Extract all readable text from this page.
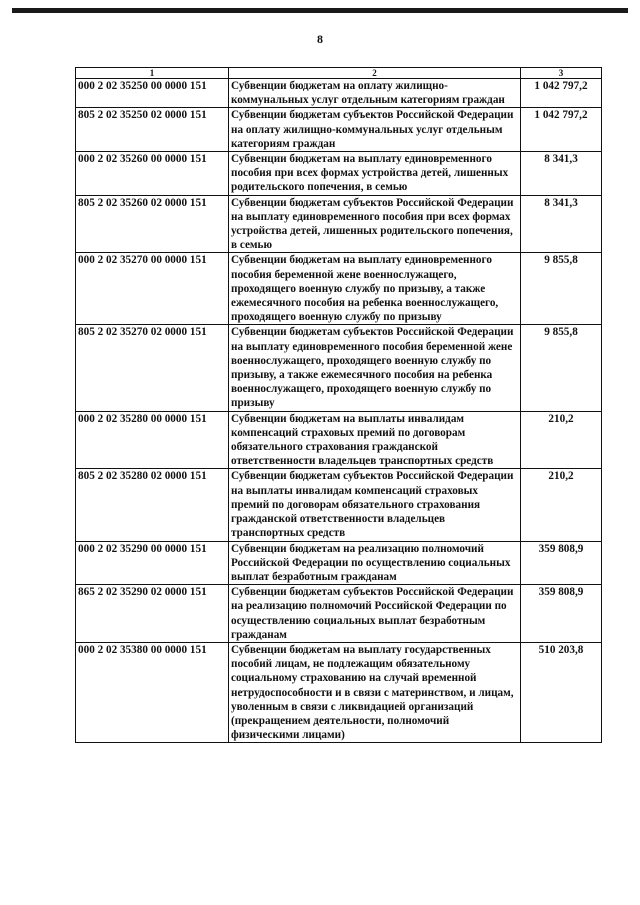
8
1	2	3
000 2 02 35250 00 0000 151	Субвенции бюджетам на оплату жилищно-коммунальных услуг отдельным категориям граждан	1 042 797,2
805 2 02 35250 02 0000 151	Субвенции бюджетам субъектов Российской Федерации на оплату жилищно-коммунальных услуг отдельным категориям граждан	1 042 797,2
000 2 02 35260 00 0000 151	Субвенции бюджетам на выплату единовременного пособия при всех формах устройства детей, лишенных родительского попечения, в семью	8 341,3
805 2 02 35260 02 0000 151	Субвенции бюджетам субъектов Российской Федерации на выплату единовременного пособия при всех формах устройства детей, лишенных родительского попечения, в семью	8 341,3
000 2 02 35270 00 0000 151	Субвенции бюджетам на выплату единовременного пособия беременной жене военнослужащего, проходящего военную службу по призыву, а также ежемесячного пособия на ребенка военнослужащего, проходящего военную службу по призыву	9 855,8
805 2 02 35270 02 0000 151	Субвенции бюджетам субъектов Российской Федерации на выплату единовременного пособия беременной жене военнослужащего, проходящего военную службу по призыву, а также ежемесячного пособия на ребенка военнослужащего, проходящего военную службу по призыву	9 855,8
000 2 02 35280 00 0000 151	Субвенции бюджетам на выплаты инвалидам компенсаций страховых премий по договорам обязательного страхования гражданской ответственности владельцев транспортных средств	210,2
805 2 02 35280 02 0000 151	Субвенции бюджетам субъектов Российской Федерации на выплаты инвалидам компенсаций страховых премий по договорам обязательного страхования гражданской ответственности владельцев транспортных средств	210,2
000 2 02 35290 00 0000 151	Субвенции бюджетам на реализацию полномочий Российской Федерации по осуществлению социальных выплат безработным гражданам	359 808,9
865 2 02 35290 02 0000 151	Субвенции бюджетам субъектов Российской Федерации на реализацию полномочий Российской Федерации по осуществлению социальных выплат безработным гражданам	359 808,9
000 2 02 35380 00 0000 151	Субвенции бюджетам на выплату государственных пособий лицам, не подлежащим обязательному социальному страхованию на случай временной нетрудоспособности и в связи с материнством, и лицам, уволенным в связи с ликвидацией организаций (прекращением деятельности, полномочий физическими лицами)	510 203,8
